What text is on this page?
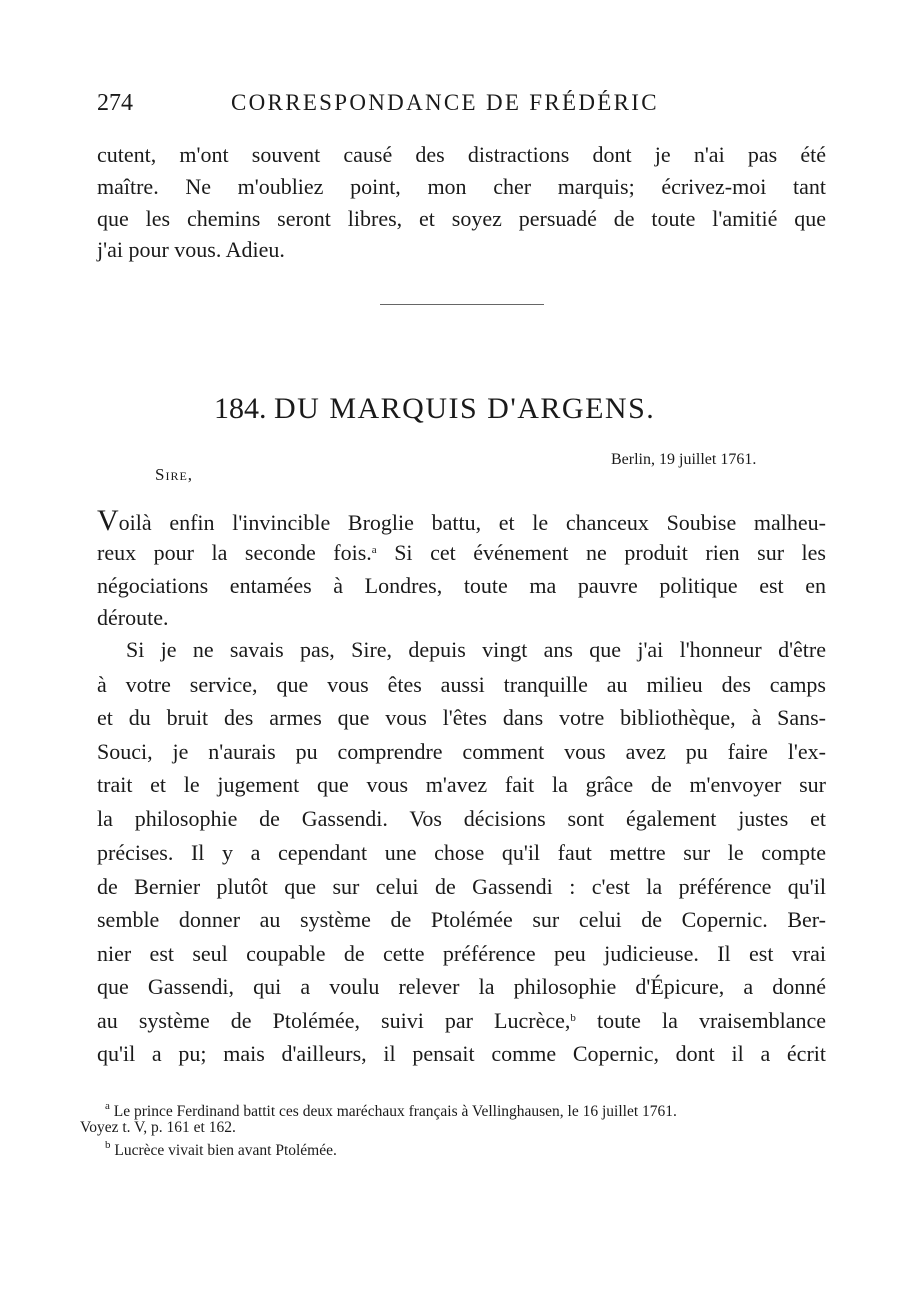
274	CORRESPONDANCE DE FRÉDÉRIC
cutent, m'ont souvent causé des distractions dont je n'ai pas été
maître. Ne m'oubliez point, mon cher marquis; écrivez-moi tant
que les chemins seront libres, et soyez persuadé de toute l'amitié que
j'ai pour vous. Adieu.
184. DU MARQUIS D'ARGENS.
Berlin, 19 juillet 1761.
Sire,
Voilà enfin l'invincible Broglie battu, et le chanceux Soubise malheu-
reux pour la seconde fois.$^a$ Si cet événement ne produit rien sur les
négociations entamées à Londres, toute ma pauvre politique est en
déroute.
Si je ne savais pas, Sire, depuis vingt ans que j'ai l'honneur d'être
à votre service, que vous êtes aussi tranquille au milieu des camps
et du bruit des armes que vous l'êtes dans votre bibliothèque, à Sans-
Souci, je n'aurais pu comprendre comment vous avez pu faire l'ex-
trait et le jugement que vous m'avez fait la grâce de m'envoyer sur
la philosophie de Gassendi. Vos décisions sont également justes et
précises. Il y a cependant une chose qu'il faut mettre sur le compte
de Bernier plutôt que sur celui de Gassendi : c'est la préférence qu'il
semble donner au système de Ptolémée sur celui de Copernic. Ber-
nier est seul coupable de cette préférence peu judicieuse. Il est vrai
que Gassendi, qui a voulu relever la philosophie d'Épicure, a donné
au système de Ptolémée, suivi par Lucrèce,$^b$ toute la vraisemblance
qu'il a pu; mais d'ailleurs, il pensait comme Copernic, dont il a écrit
$^a$ Le prince Ferdinand battit ces deux maréchaux français à Vellinghausen, le 16 juillet 1761.
Voyez t. V, p. 161 et 162.
$^b$ Lucrèce vivait bien avant Ptolémée.
